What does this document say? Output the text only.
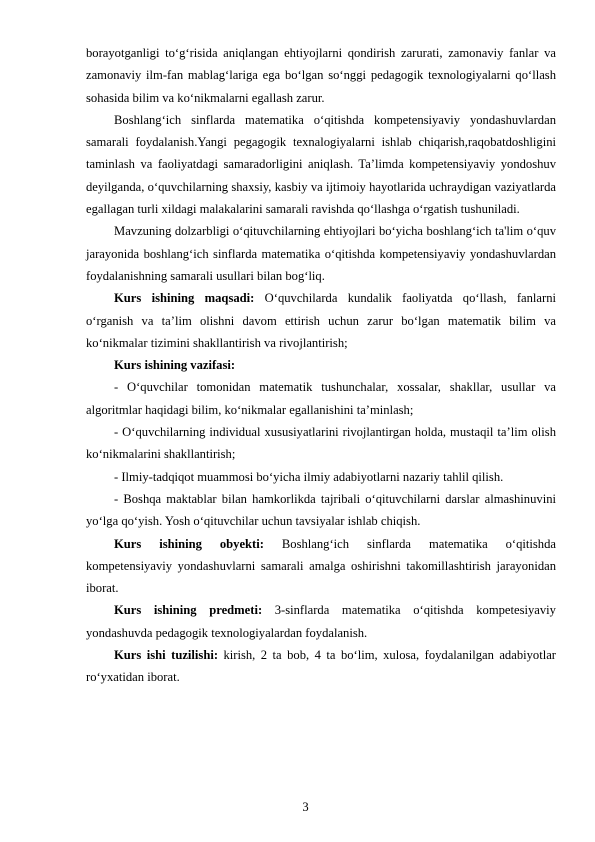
borayotganligi to‘g‘risida aniqlangan ehtiyojlarni qondirish zarurati, zamonaviy fanlar va zamonaviy ilm-fan mablag‘lariga ega bo‘lgan so‘nggi pedagogik texnologiyalarni qo‘llash sohasida bilim va ko‘nikmalarni egallash zarur.

Boshlang‘ich sinflarda matematika o‘qitishda kompetensiyaviy yondashuvlardan samarali foydalanish.Yangi pegagogik texnalogiyalarni ishlab chiqarish,raqobatdoshligini taminlash va faoliyatdagi samaradorligini aniqlash. Ta’limda kompetensiyaviy yondoshuv deyilganda, o‘quvchilarning shaxsiy, kasbiy va ijtimoiy hayotlarida uchraydigan vaziyatlarda egallagan turli xildagi malakalarini samarali ravishda qo‘llashga o‘rgatish tushuniladi.

Mavzuning dolzarbligi o‘qituvchilarning ehtiyojlari bo‘yicha boshlang‘ich ta'lim o‘quv jarayonida boshlang‘ich sinflarda matematika o‘qitishda kompetensiyaviy yondashuvlardan foydalanishning samarali usullari bilan bog‘liq.

Kurs ishining maqsadi: O‘quvchilarda kundalik faoliyatda qo‘llash, fanlarni o‘rganish va ta’lim olishni davom ettirish uchun zarur bo‘lgan matematik bilim va ko‘nikmalar tizimini shakllantirish va rivojlantirish;

Kurs ishining vazifasi:

- O‘quvchilar tomonidan matematik tushunchalar, xossalar, shakllar, usullar va algoritmlar haqidagi bilim, ko‘nikmalar egallanishini ta’minlash;

- O‘quvchilarning individual xususiyatlarini rivojlantirgan holda, mustaqil ta’lim olish ko‘nikmalarini shakllantirish;

- Ilmiy-tadqiqot muammosi bo‘yicha ilmiy adabiyotlarni nazariy tahlil qilish.

- Boshqa maktablar bilan hamkorlikda tajribali o‘qituvchilarni darslar almashinuvini yo‘lga qo‘yish. Yosh o‘qituvchilar uchun tavsiyalar ishlab chiqish.

Kurs ishining obyekti: Boshlang‘ich sinflarda matematika o‘qitishda kompetensiyaviy yondashuvlarni samarali amalga oshirishni takomillashtirish jarayonidan iborat.

Kurs ishining predmeti: 3-sinflarda matematika o‘qitishda kompetesiyaviy yondashuvda pedagogik texnologiyalardan foydalanish.

Kurs ishi tuzilishi: kirish, 2 ta bob, 4 ta bo‘lim, xulosa, foydalanilgan adabiyotlar ro‘yxatidan iborat.

3
